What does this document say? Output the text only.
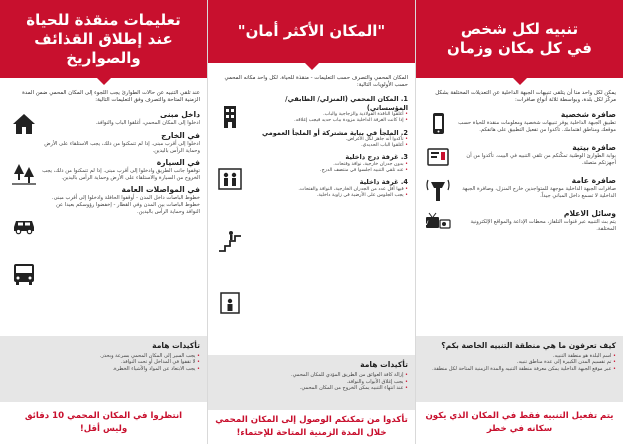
تنبيه لكل شخص
في كل مكان وزمان
يمكن لكل واحد منا أن يتلقى تنبيهات الجبهة الداخلية عن التعديلات المختلفة بشكل مركّز لكل بلدة، وبواسطة ثلاثة أنواع صافرات:
صافرة شخصية

تطبيق الجبهة الداخلية يوفر تنبيهات شخصية ومعلومات منقذة للحياة حسب موقعك ومناطق اهتمامك. تأكدوا من تفعيل التطبيق على هاتفكم.

صافرة بيتية

بوابة الطوارئ الوطنية تمكّنكم من تلقي التنبيه في البيت. تأكدوا من أن أجهزتكم متصلة.

صافرة عامة

صافرات الجبهة الداخلية موجهة للمتواجدين خارج المنزل، وصافرة الجبهة الداخلية لا تسمع داخل المباني جيداً.

وسائل الاعلام

يتم بث التنبيه عبر قنوات التلفاز، محطات الإذاعة والمواقع الإلكترونية المختلفة.

TV
كيف تعرفون ما هي منطقة التنبيه الخاصة بكم؟
• اسم البلدة هو منطقة التنبيه.
• تم تقسيم المدن الكبيرة إلى عدة مناطق تنبيه.
• عبر موقع الجبهة الداخلية يمكن معرفة منطقة التنبيه والمدة الزمنية المتاحة لكل منطقة.
يتم تفعيل التنبيه فقط في المكان الذي يكون
سكانه في خطر
"المكان الأكثر أمان"
المكان المحمي والتصرف حسب التعليمات - منقذة للحياة. لكل واحد مكانه المحمي حسب الأولويات التالية:
1. المكان المحمي (المنزلي/ الطابقي/ المؤسساتي)
• أغلقوا النافذة الفولاذية والزجاجية والباب.
• إذا كانت الغرفة الداخلية مزودة بباب حديد فيجب إغلاقه.
2. الملجأ في بناية مشتركة أو الملجأ العمومي
• تأكدوا أنه جاهز لكل الأغراض.
• أغلقوا الباب الحديدي.
3. غرفة درج داخلية
• بدون جدران خارجية، نوافذ وفتحات.
• عند تلقي التنبيه اجلسوا في منتصف الدرج.
4. غرفة داخلية
• فيها أقل عدد من الجدران الخارجية، النوافذ والفتحات.
• يجب الجلوس على الأرضية في زاوية داخلية.
تأكيدات هامة
• إزالة كافة العوائق من الطريق المؤدي للمكان المحمي.
• يجب إغلاق الأبواب والنوافذ.
• عند انتهاء التنبيه يمكن الخروج من المكان المحمي.
تأكدوا من تمكنكم الوصول إلى المكان المحمي
خلال المدة الزمنية المتاحة للإحتماء!
تعليمات منقذة للحياة
عند إطلاق القذائف والصواريخ
عند تلقي التنبيه عن حالات الطوارئ يجب اللجوء إلى المكان المحمي ضمن المدة الزمنية المتاحة والتصرف وفق التعليمات التالية:
داخل مبنى

ادخلوا إلى المكان المحمي، أغلقوا الباب والنوافذ.

في الخارج

ادخلوا إلى أقرب مبنى. إذا لم تتمكنوا من ذلك، يجب الاستلقاء على الأرض وحماية الرأس باليدين.

في السيارة

توقفوا جانب الطريق وادخلوا إلى أقرب مبنى. إذا لم تتمكنوا من ذلك، يجب الخروج من السيارة والاستلقاء على الأرض وحماية الرأس باليدين.

في المواصلات العامة

خطوط الباصات داخل المدن - أوقفوا الحافلة وادخلوا إلى أقرب مبنى. خطوط الباصات بين المدن وفي القطار - إخفضوا رؤوسكم بعيدا عن النوافذ وحماية الرأس باليدين.

تأكيدات هامة
• يجب السير إلى المكان المحمي بسرعة وبحذر.
• لا تقفوا في المداخل أو تحت النوافذ.
• يجب الابتعاد عن المواد والأشياء الخطرة.
انتظروا في المكان المحمي 10 دقائق
وليس أقل!
